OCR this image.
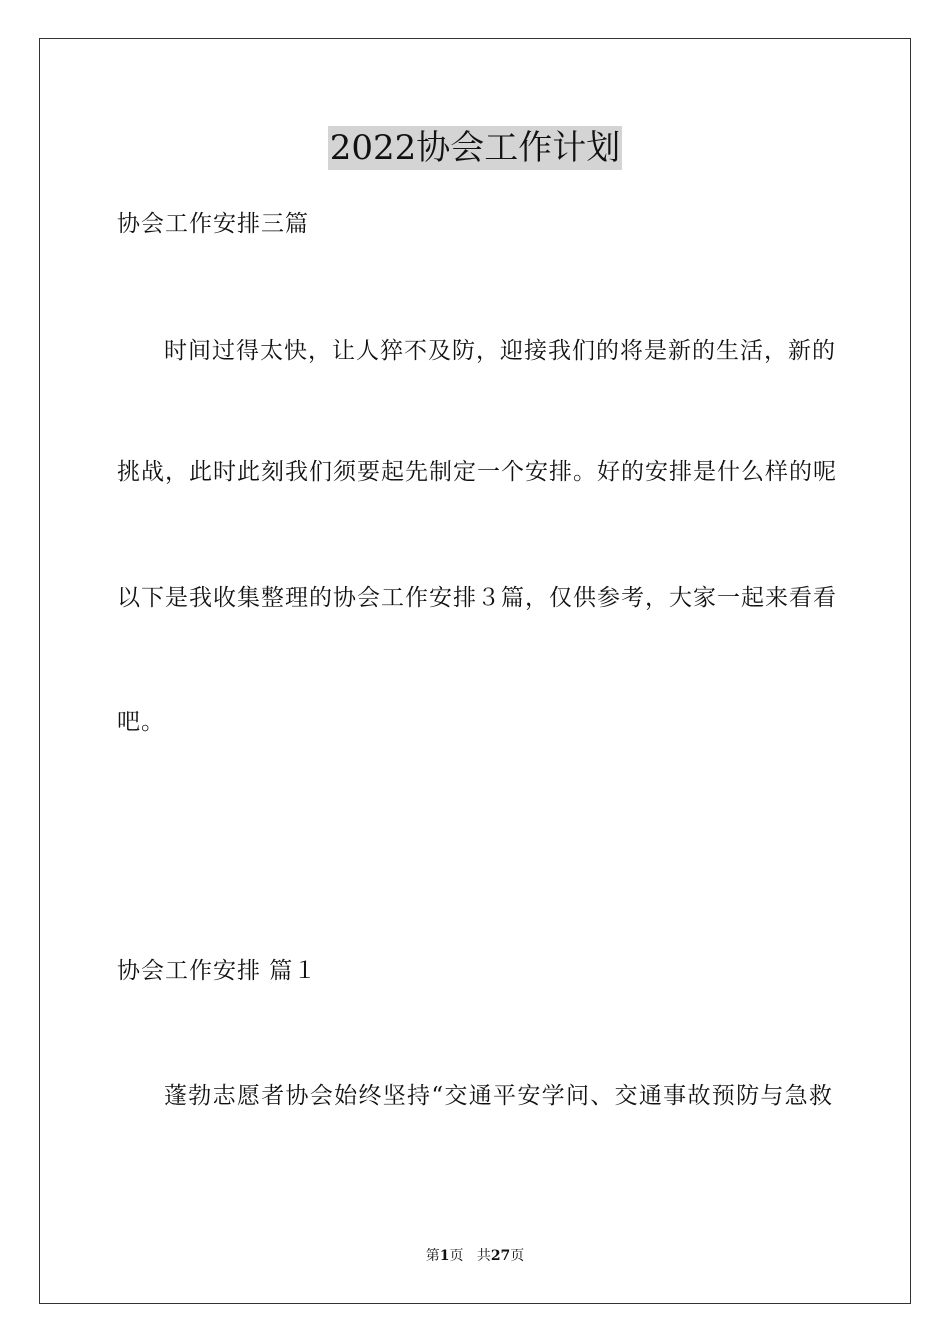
2022协会工作计划
协会工作安排三篇
时间过得太快，让人猝不及防，迎接我们的将是新的生活，新的
挑战，此时此刻我们须要起先制定一个安排。好的安排是什么样的呢
以下是我收集整理的协会工作安排３篇，仅供参考，大家一起来看看
吧。
协会工作安排 篇１
蓬勃志愿者协会始终坚持“交通平安学问、交通事故预防与急救
第1页 共27页
